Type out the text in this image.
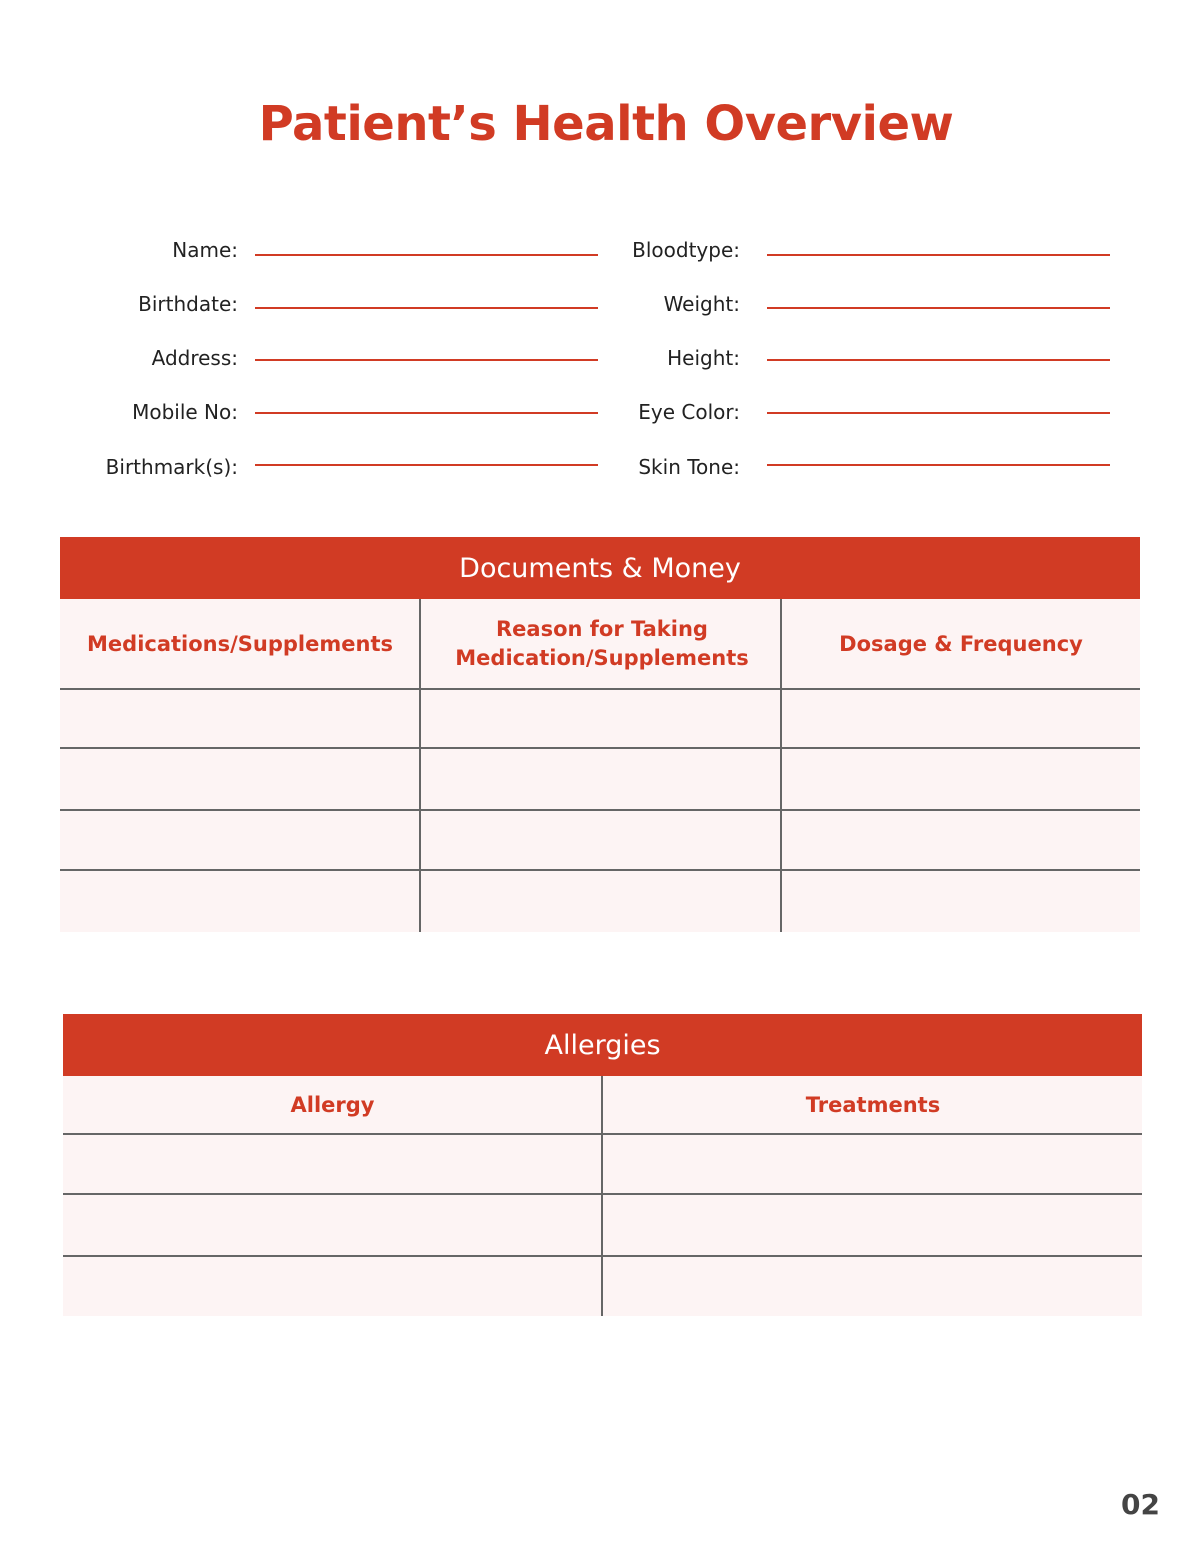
Patient’s Health Overview
Name:
Birthdate:
Address:
Mobile No:
Birthmark(s):
Bloodtype:
Weight:
Height:
Eye Color:
Skin Tone:
Documents & Money
Medications/Supplements
Reason for Taking Medication/Supplements
Dosage & Frequency
Allergies
Allergy	Treatments
02
